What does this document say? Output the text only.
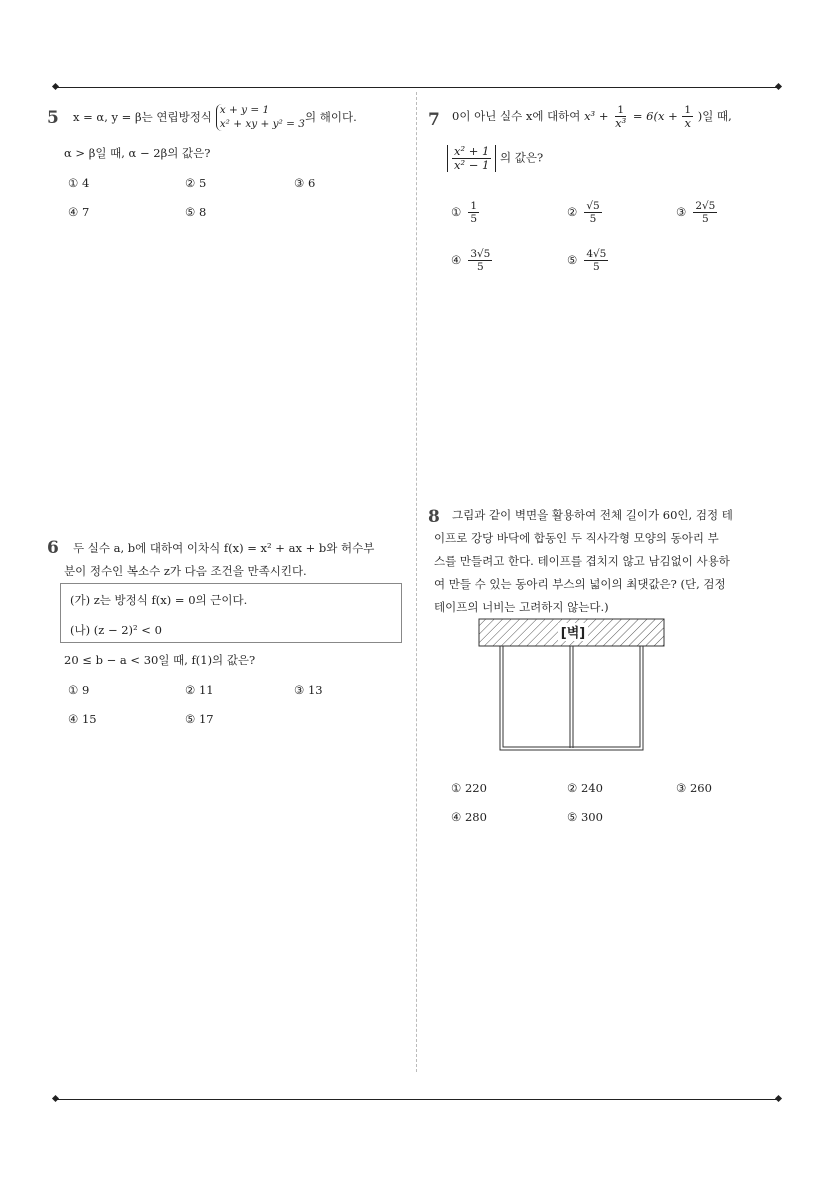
5 x = α, y = β는 연립방정식 x + y = 1
x² + xy + y² = 3의 해이다.
α > β일 때, α − 2β의 값은?
① 4	② 5	③ 6
④ 7	⑤ 8
6 두 실수 a, b에 대하여 이차식 f(x) = x² + ax + b와 허수부
분이 정수인 복소수 z가 다음 조건을 만족시킨다.
(가) z는 방정식 f(x) = 0의 근이다.
(나) (z − 2)² < 0
20 ≤ b − a < 30일 때, f(1)의 값은?
① 9	② 11	③ 13
④ 15	⑤ 17
7 0이 아닌 실수 x에 대하여 $x^3 + \frac{1}{\text{x³}} = 6(x + \frac{1}{x}$ )일 때,
$\frac{\text{x² + 1}}{\text{x² − 1}}$ 의 값은?
① $\frac{1}{5}$	② $\frac{√5}{5}$	③ $\frac{2√5}{5}$
④ $\frac{3√5}{5}$	⑤ $\frac{4√5}{5}$
8 그림과 같이 벽면을 활용하여 전체 길이가 60인, 검정 테
이프로 강당 바닥에 합동인 두 직사각형 모양의 동아리 부
스를 만들려고 한다. 테이프를 겹치지 않고 남김없이 사용하
여 만들 수 있는 동아리 부스의 넓이의 최댓값은? (단, 검정
테이프의 너비는 고려하지 않는다.)
[벽]
① 220	② 240	③ 260
④ 280	⑤ 300
